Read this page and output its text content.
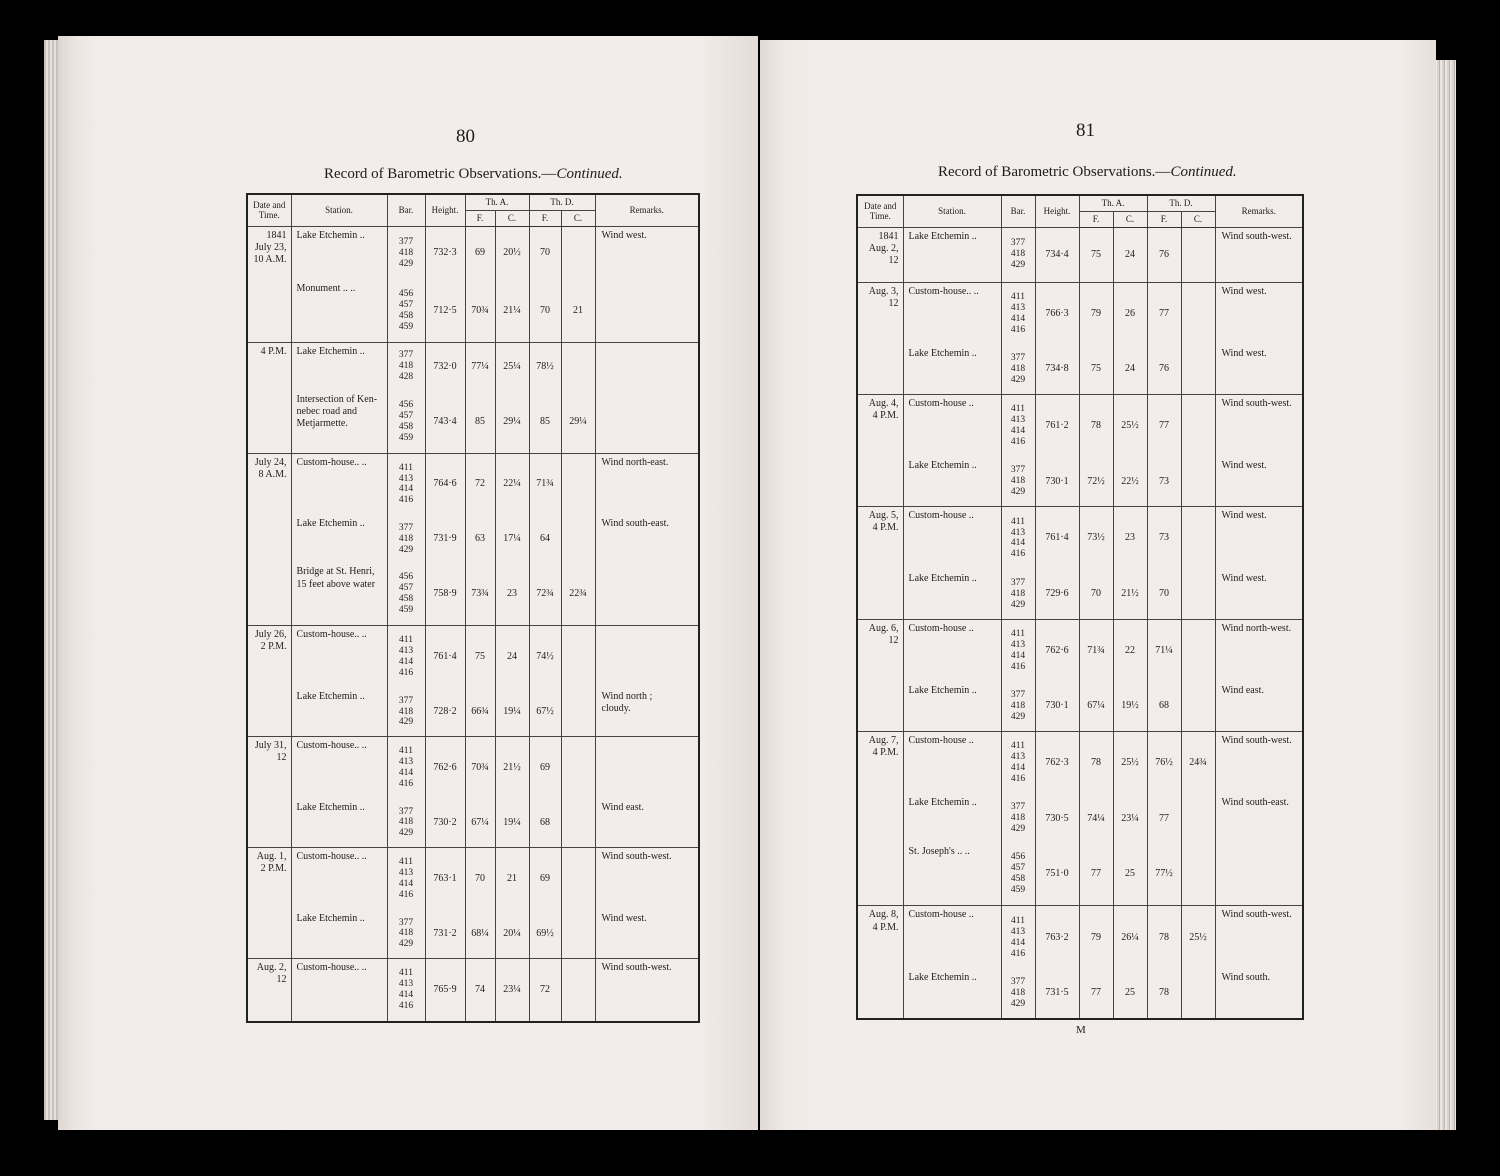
80
Record of Barometric Observations.—Continued.
Date and Time.	Station.	Bar.	Height.	Th. A.		Th. D.		Remarks.
				F.	C.	F.	C.	
1841
July 23,
10 A.M.	Lake Etchemin ..	377
418
429	732·3	69	20½	70		Wind west.
	Monument .. ..	456
457
458
459	712·5	70¾	21¼	70	21	
4 P.M.	Lake Etchemin ..	377
418
428	732·0	77¼	25¼	78½		
	Intersection of Ken-
nebec road and
Metjarmette.	456
457
458
459	743·4	85	29¼	85	29¼	
July 24,
8 A.M.	Custom-house.. ..	411
413
414
416	764·6	72	22¼	71¾		Wind north-east.
	Lake Etchemin ..	377
418
429	731·9	63	17¼	64		Wind south-east.
	Bridge at St. Henri,
15 feet above water	456
457
458
459	758·9	73¾	23	72¾	22¾	
July 26,
2 P.M.	Custom-house.. ..	411
413
414
416	761·4	75	24	74½		
	Lake Etchemin ..	377
418
429	728·2	66¾	19¼	67½		Wind north ;
cloudy.
July 31,
12	Custom-house.. ..	411
413
414
416	762·6	70¾	21½	69		
	Lake Etchemin ..	377
418
429	730·2	67¼	19¼	68		Wind east.
Aug. 1,
2 P.M.	Custom-house.. ..	411
413
414
416	763·1	70	21	69		Wind south-west.
	Lake Etchemin ..	377
418
429	731·2	68¼	20¼	69½		Wind west.
Aug. 2,
12	Custom-house.. ..	411
413
414
416	765·9	74	23¼	72		Wind south-west.
81
Record of Barometric Observations.—Continued.
Date and Time.	Station.	Bar.	Height.	Th. A.		Th. D.		Remarks.
				F.	C.	F.	C.	
1841
Aug. 2,
12	Lake Etchemin ..	377
418
429	734·4	75	24	76		Wind south-west.
Aug. 3,
12	Custom-house.. ..	411
413
414
416	766·3	79	26	77		Wind west.
	Lake Etchemin ..	377
418
429	734·8	75	24	76		Wind west.
Aug. 4,
4 P.M.	Custom-house ..	411
413
414
416	761·2	78	25½	77		Wind south-west.
	Lake Etchemin ..	377
418
429	730·1	72½	22½	73		Wind west.
Aug. 5,
4 P.M.	Custom-house ..	411
413
414
416	761·4	73½	23	73		Wind west.
	Lake Etchemin ..	377
418
429	729·6	70	21½	70		Wind west.
Aug. 6,
12	Custom-house ..	411
413
414
416	762·6	71¾	22	71¼		Wind north-west.
	Lake Etchemin ..	377
418
429	730·1	67¼	19½	68		Wind east.
Aug. 7,
4 P.M.	Custom-house ..	411
413
414
416	762·3	78	25½	76½	24¾	Wind south-west.
	Lake Etchemin ..	377
418
429	730·5	74¼	23¼	77		Wind south-east.
	St. Joseph's .. ..	456
457
458
459	751·0	77	25	77½		
Aug. 8,
4 P.M.	Custom-house ..	411
413
414
416	763·2	79	26¼	78	25½	Wind south-west.
	Lake Etchemin ..	377
418
429	731·5	77	25	78		Wind south.
M
